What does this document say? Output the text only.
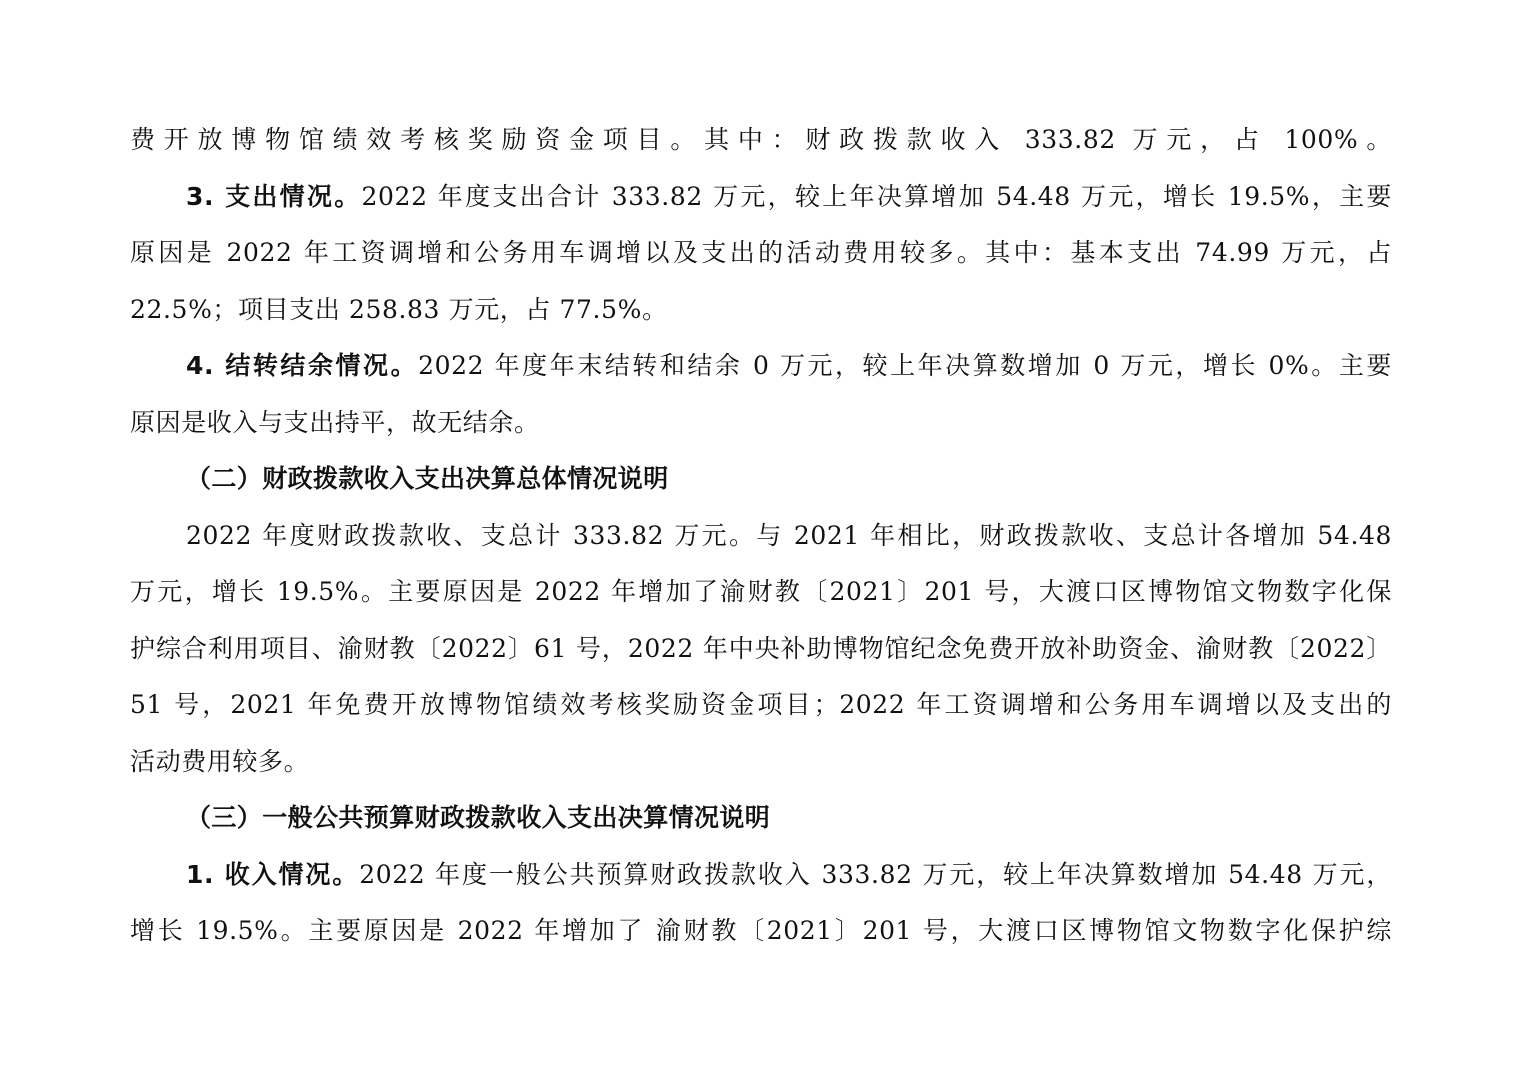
费开放博物馆绩效考核奖励资金项目。其中：财政拨款收入 333.82 万元，占 100%。
3. 支出情况。2022 年度支出合计 333.82 万元，较上年决算增加 54.48 万元，增长 19.5%，主要
原因是 2022 年工资调增和公务用车调增以及支出的活动费用较多。其中：基本支出 74.99 万元，占
22.5%；项目支出 258.83 万元，占 77.5%。
4. 结转结余情况。2022 年度年末结转和结余 0 万元，较上年决算数增加 0 万元，增长 0%。主要
原因是收入与支出持平，故无结余。
（二）财政拨款收入支出决算总体情况说明
2022 年度财政拨款收、支总计 333.82 万元。与 2021 年相比，财政拨款收、支总计各增加 54.48
万元，增长 19.5%。主要原因是 2022 年增加了渝财教〔2021〕201 号，大渡口区博物馆文物数字化保
护综合利用项目、渝财教〔2022〕61 号，2022 年中央补助博物馆纪念免费开放补助资金、渝财教〔2022〕
51 号，2021 年免费开放博物馆绩效考核奖励资金项目；2022 年工资调增和公务用车调增以及支出的
活动费用较多。
（三）一般公共预算财政拨款收入支出决算情况说明
1. 收入情况。2022 年度一般公共预算财政拨款收入 333.82 万元，较上年决算数增加 54.48 万元，
增长 19.5%。主要原因是 2022 年增加了 渝财教〔2021〕201 号，大渡口区博物馆文物数字化保护综
